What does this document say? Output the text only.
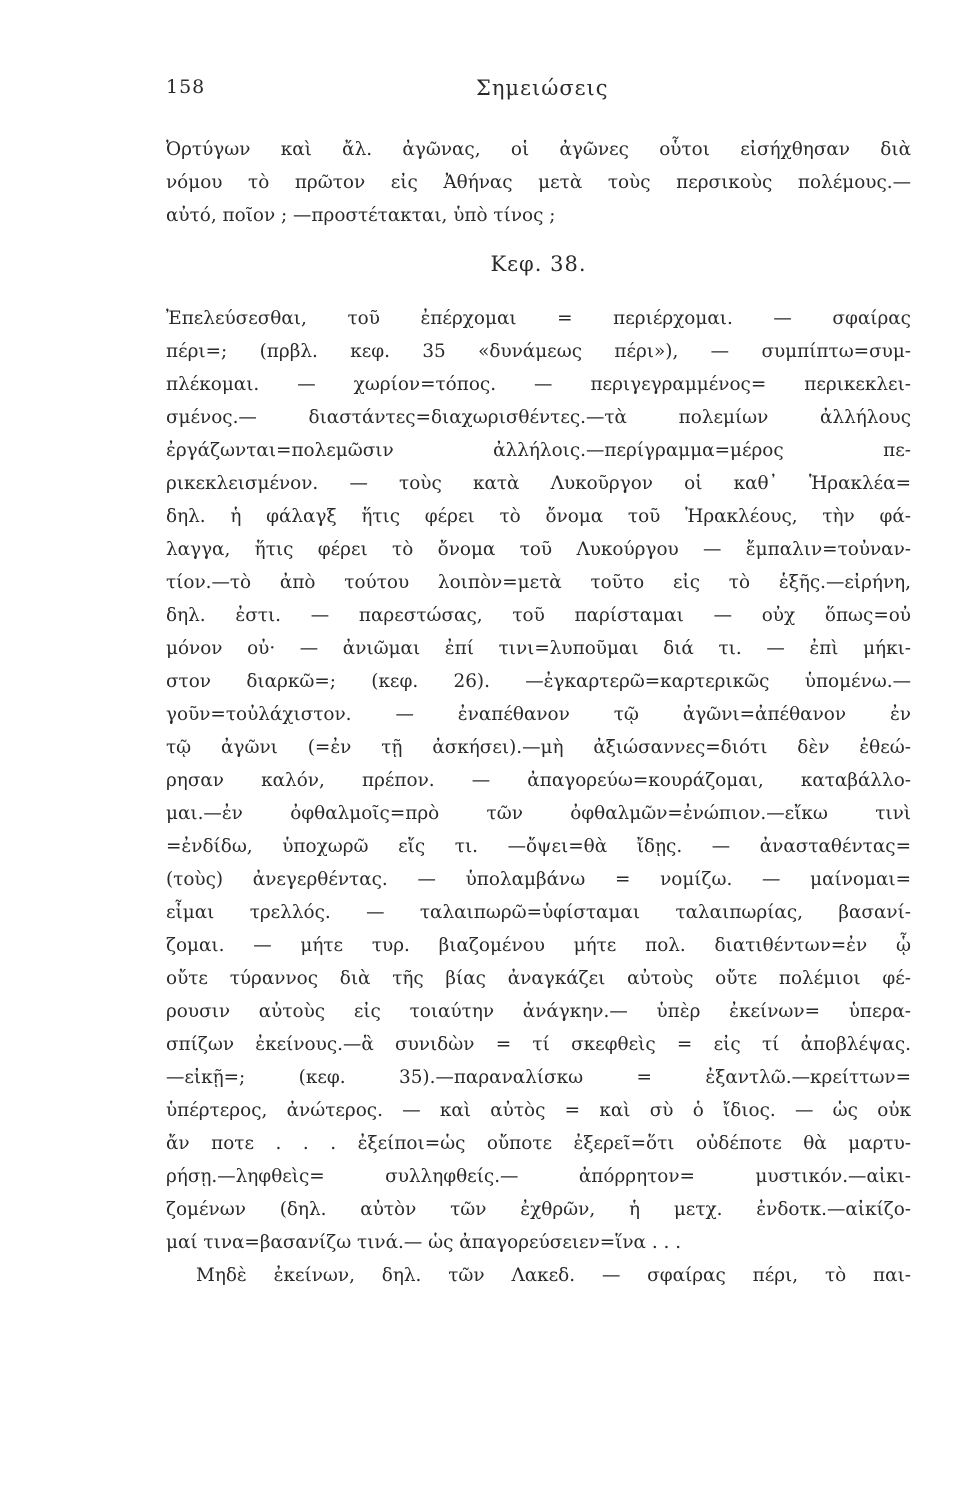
158	Σημειώσεις
Ὀρτύγων καὶ ἄλ. ἀγῶνας, οἱ ἀγῶνες οὗτοι εἰσήχθησαν διὰ
νόμου τὸ πρῶτον εἰς Ἀθήνας μετὰ τοὺς περσικοὺς πολέμους.—
αὐτό, ποῖον ; —προστέτακται, ὑπὸ τίνος ;
Κεφ. 38.
Ἐπελεύσεσθαι, τοῦ ἐπέρχομαι = περιέρχομαι. — σφαίρας
πέρι=; (πρβλ. κεφ. 35 «δυνάμεως πέρι»), — συμπίπτω=συμ-
πλέκομαι. — χωρίον=τόπος. — περιγεγραμμένος= περικεκλει-
σμένος.— διαστάντες=διαχωρισθέντες.—τὰ πολεμίων ἀλλήλους
ἐργάζωνται=πολεμῶσιν ἀλλήλοις.—περίγραμμα=μέρος πε-
ρικεκλεισμένον. — τοὺς κατὰ Λυκοῦργον οἱ καθ᾽ Ἡρακλέα=
δηλ. ἡ φάλαγξ ἥτις φέρει τὸ ὄνομα τοῦ Ἡρακλέους, τὴν φά-
λαγγα, ἥτις φέρει τὸ ὄνομα τοῦ Λυκούργου — ἔμπαλιν=τοὐναν-
τίον.—τὸ ἀπὸ τούτου λοιπὸν=μετὰ τοῦτο εἰς τὸ ἑξῆς.—εἰρήνη,
δηλ. ἐστι. — παρεστώσας, τοῦ παρίσταμαι — οὐχ ὅπως=οὐ
μόνον οὐ· — ἀνιῶμαι ἐπί τινι=λυποῦμαι διά τι. — ἐπὶ μήκι-
στον διαρκῶ=; (κεφ. 26). —ἐγκαρτερῶ=καρτερικῶς ὑπομένω.—
γοῦν=τοὐλάχιστον. — ἐναπέθανον τῷ ἀγῶνι=ἀπέθανον ἐν
τῷ ἀγῶνι (=ἐν τῇ ἀσκήσει).—μὴ ἀξιώσαννες=διότι δὲν ἐθεώ-
ρησαν καλόν, πρέπον. — ἀπαγορεύω=κουράζομαι, καταβάλλο-
μαι.—ἐν ὀφθαλμοῖς=πρὸ τῶν ὀφθαλμῶν=ἐνώπιον.—εἴκω τινὶ
=ἐνδίδω, ὑποχωρῶ εἴς τι. —ὄψει=θὰ ἴδῃς. — ἀνασταθέντας=
(τοὺς) ἀνεγερθέντας. — ὑπολαμβάνω = νομίζω. — μαίνομαι=
εἶμαι τρελλός. — ταλαιπωρῶ=ὑφίσταμαι ταλαιπωρίας, βασανί-
ζομαι. — μήτε τυρ. βιαζομένου μήτε πολ. διατιθέντων=ἐν ᾧ
οὔτε τύραννος διὰ τῆς βίας ἀναγκάζει αὐτοὺς οὔτε πολέμιοι φέ-
ρουσιν αὐτοὺς εἰς τοιαύτην ἀνάγκην.— ὑπὲρ ἐκείνων= ὑπερα-
σπίζων ἐκείνους.—ἃ συνιδὼν = τί σκεφθεὶς = εἰς τί ἀποβλέψας.
—εἰκῇ=; (κεφ. 35).—παραναλίσκω = ἐξαντλῶ.—κρείττων=
ὑπέρτερος, ἀνώτερος. — καὶ αὐτὸς = καὶ σὺ ὁ ἴδιος. — ὡς οὐκ
ἄν ποτε . . . ἐξείποι=ὡς οὔποτε ἐξερεῖ=ὅτι οὐδέποτε θὰ μαρτυ-
ρήσῃ.—ληφθεὶς= συλληφθείς.— ἀπόρρητον= μυστικόν.—αἰκι-
ζομένων (δηλ. αὐτὸν τῶν ἐχθρῶν, ἡ μετχ. ἐνδοτκ.—αἰκίζο-
μαί τινα=βασανίζω τινά.— ὡς ἀπαγορεύσειεν=ἵνα . . .
Μηδὲ ἐκείνων, δηλ. τῶν Λακεδ. — σφαίρας πέρι, τὸ παι-
